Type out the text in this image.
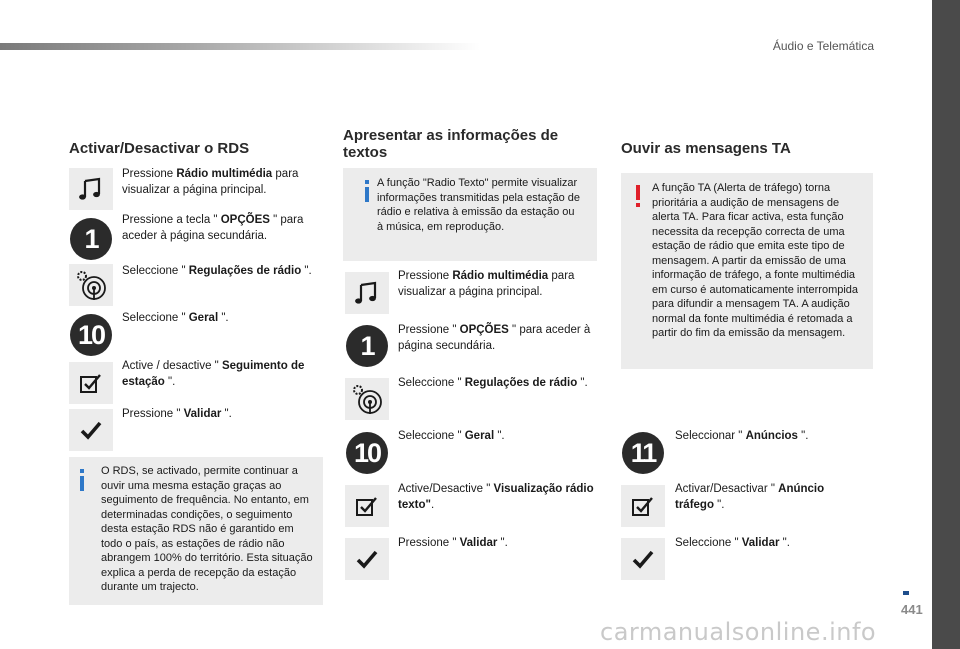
Áudio e Telemática
Activar/Desactivar o RDS
Pressione Rádio multimédia para visualizar a página principal.
1
Pressione a tecla " OPÇÕES " para aceder à página secundária.
Seleccione " Regulações de rádio ".
10
Seleccione " Geral ".
Active / desactive " Seguimento de estação ".
Pressione " Validar ".
O RDS, se activado, permite continuar a ouvir uma mesma estação graças ao seguimento de frequência. No entanto, em determinadas condições, o seguimento desta estação RDS não é garantido em todo o país, as estações de rádio não abrangem 100% do território. Esta situação explica a perda de recepção da estação durante um trajecto.
Apresentar as informações de textos
A função "Radio Texto" permite visualizar informações transmitidas pela estação de rádio e relativa à emissão da estação ou à música, em reprodução.
Pressione Rádio multimédia para visualizar a página principal.
1
Pressione " OPÇÕES " para aceder à página secundária.
Seleccione " Regulações de rádio ".
10
Seleccione " Geral ".
Active/Desactive " Visualização rádio texto".
Pressione " Validar ".
Ouvir as mensagens TA
A função TA (Alerta de tráfego) torna prioritária a audição de mensagens de alerta TA. Para ficar activa, esta função necessita da recepção correcta de uma estação de rádio que emita este tipo de mensagem. A partir da emissão de uma informação de tráfego, a fonte multimédia em curso é automaticamente interrompida para difundir a mensagem TA. A audição normal da fonte multimédia é retomada a partir do fim da emissão da mensagem.
11
Seleccionar " Anúncios ".
Activar/Desactivar " Anúncio tráfego ".
Seleccione " Validar ".
441
carmanualsonline.info
